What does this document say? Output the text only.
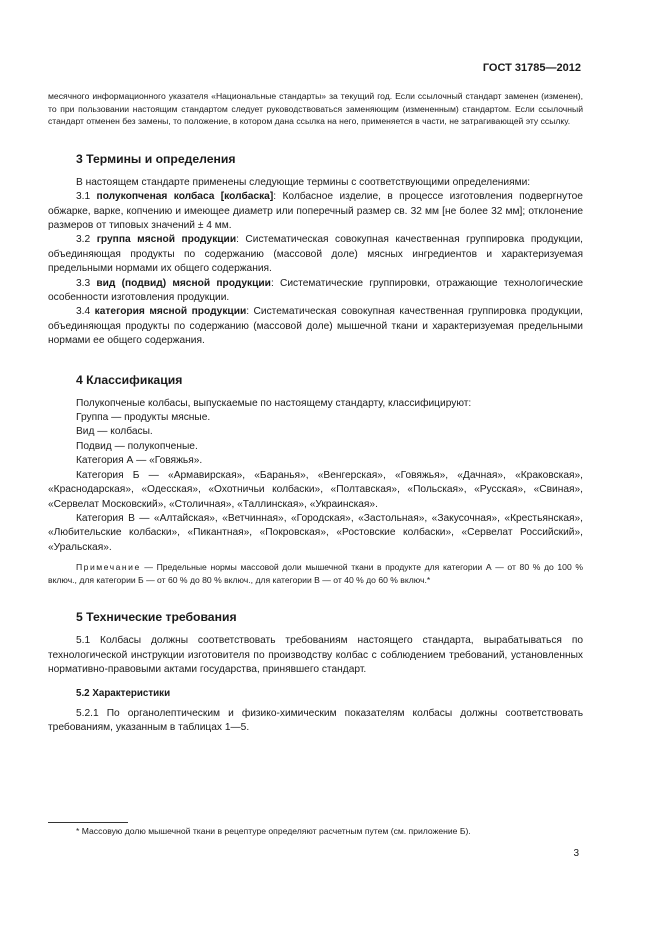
ГОСТ 31785—2012

месячного информационного указателя «Национальные стандарты» за текущий год. Если ссылочный стандарт заменен (изменен), то при пользовании настоящим стандартом следует руководствоваться заменяющим (измененным) стандартом. Если ссылочный стандарт отменен без замены, то положение, в котором дана ссылка на него, применяется в части, не затрагивающей эту ссылку.

3 Термины и определения

В настоящем стандарте применены следующие термины с соответствующими определениями:

3.1 полукопченая колбаса [колбаска]: Колбасное изделие, в процессе изготовления подвергнутое обжарке, варке, копчению и имеющее диаметр или поперечный размер св. 32 мм [не более 32 мм]; отклонение размеров от типовых значений ± 4 мм.

3.2 группа мясной продукции: Систематическая совокупная качественная группировка продукции, объединяющая продукты по содержанию (массовой доле) мясных ингредиентов и характеризуемая предельными нормами их общего содержания.

3.3 вид (подвид) мясной продукции: Систематические группировки, отражающие технологические особенности изготовления продукции.

3.4 категория мясной продукции: Систематическая совокупная качественная группировка продукции, объединяющая продукты по содержанию (массовой доле) мышечной ткани и характеризуемая предельными нормами ее общего содержания.

4 Классификация

Полукопченые колбасы, выпускаемые по настоящему стандарту, классифицируют:

Группа — продукты мясные.

Вид — колбасы.

Подвид — полукопченые.

Категория А — «Говяжья».

Категория Б — «Армавирская», «Баранья», «Венгерская», «Говяжья», «Дачная», «Краковская», «Краснодарская», «Одесская», «Охотничьи колбаски», «Полтавская», «Польская», «Русская», «Свиная», «Сервелат Московский», «Столичная», «Таллинская», «Украинская».

Категория В — «Алтайская», «Ветчинная», «Городская», «Застольная», «Закусочная», «Крестьянская», «Любительские колбаски», «Пикантная», «Покровская», «Ростовские колбаски», «Сервелат Российский», «Уральская».

Примечание — Предельные нормы массовой доли мышечной ткани в продукте для категории А — от 80 % до 100 % включ., для категории Б — от 60 % до 80 % включ., для категории В — от 40 % до 60 % включ.*

5 Технические требования

5.1 Колбасы должны соответствовать требованиям настоящего стандарта, вырабатываться по технологической инструкции изготовителя по производству колбас с соблюдением требований, установленных нормативно-правовыми актами государства, принявшего стандарт.

5.2 Характеристики

5.2.1 По органолептическим и физико-химическим показателям колбасы должны соответствовать требованиям, указанным в таблицах 1—5.

* Массовую долю мышечной ткани в рецептуре определяют расчетным путем (см. приложение Б).
3
